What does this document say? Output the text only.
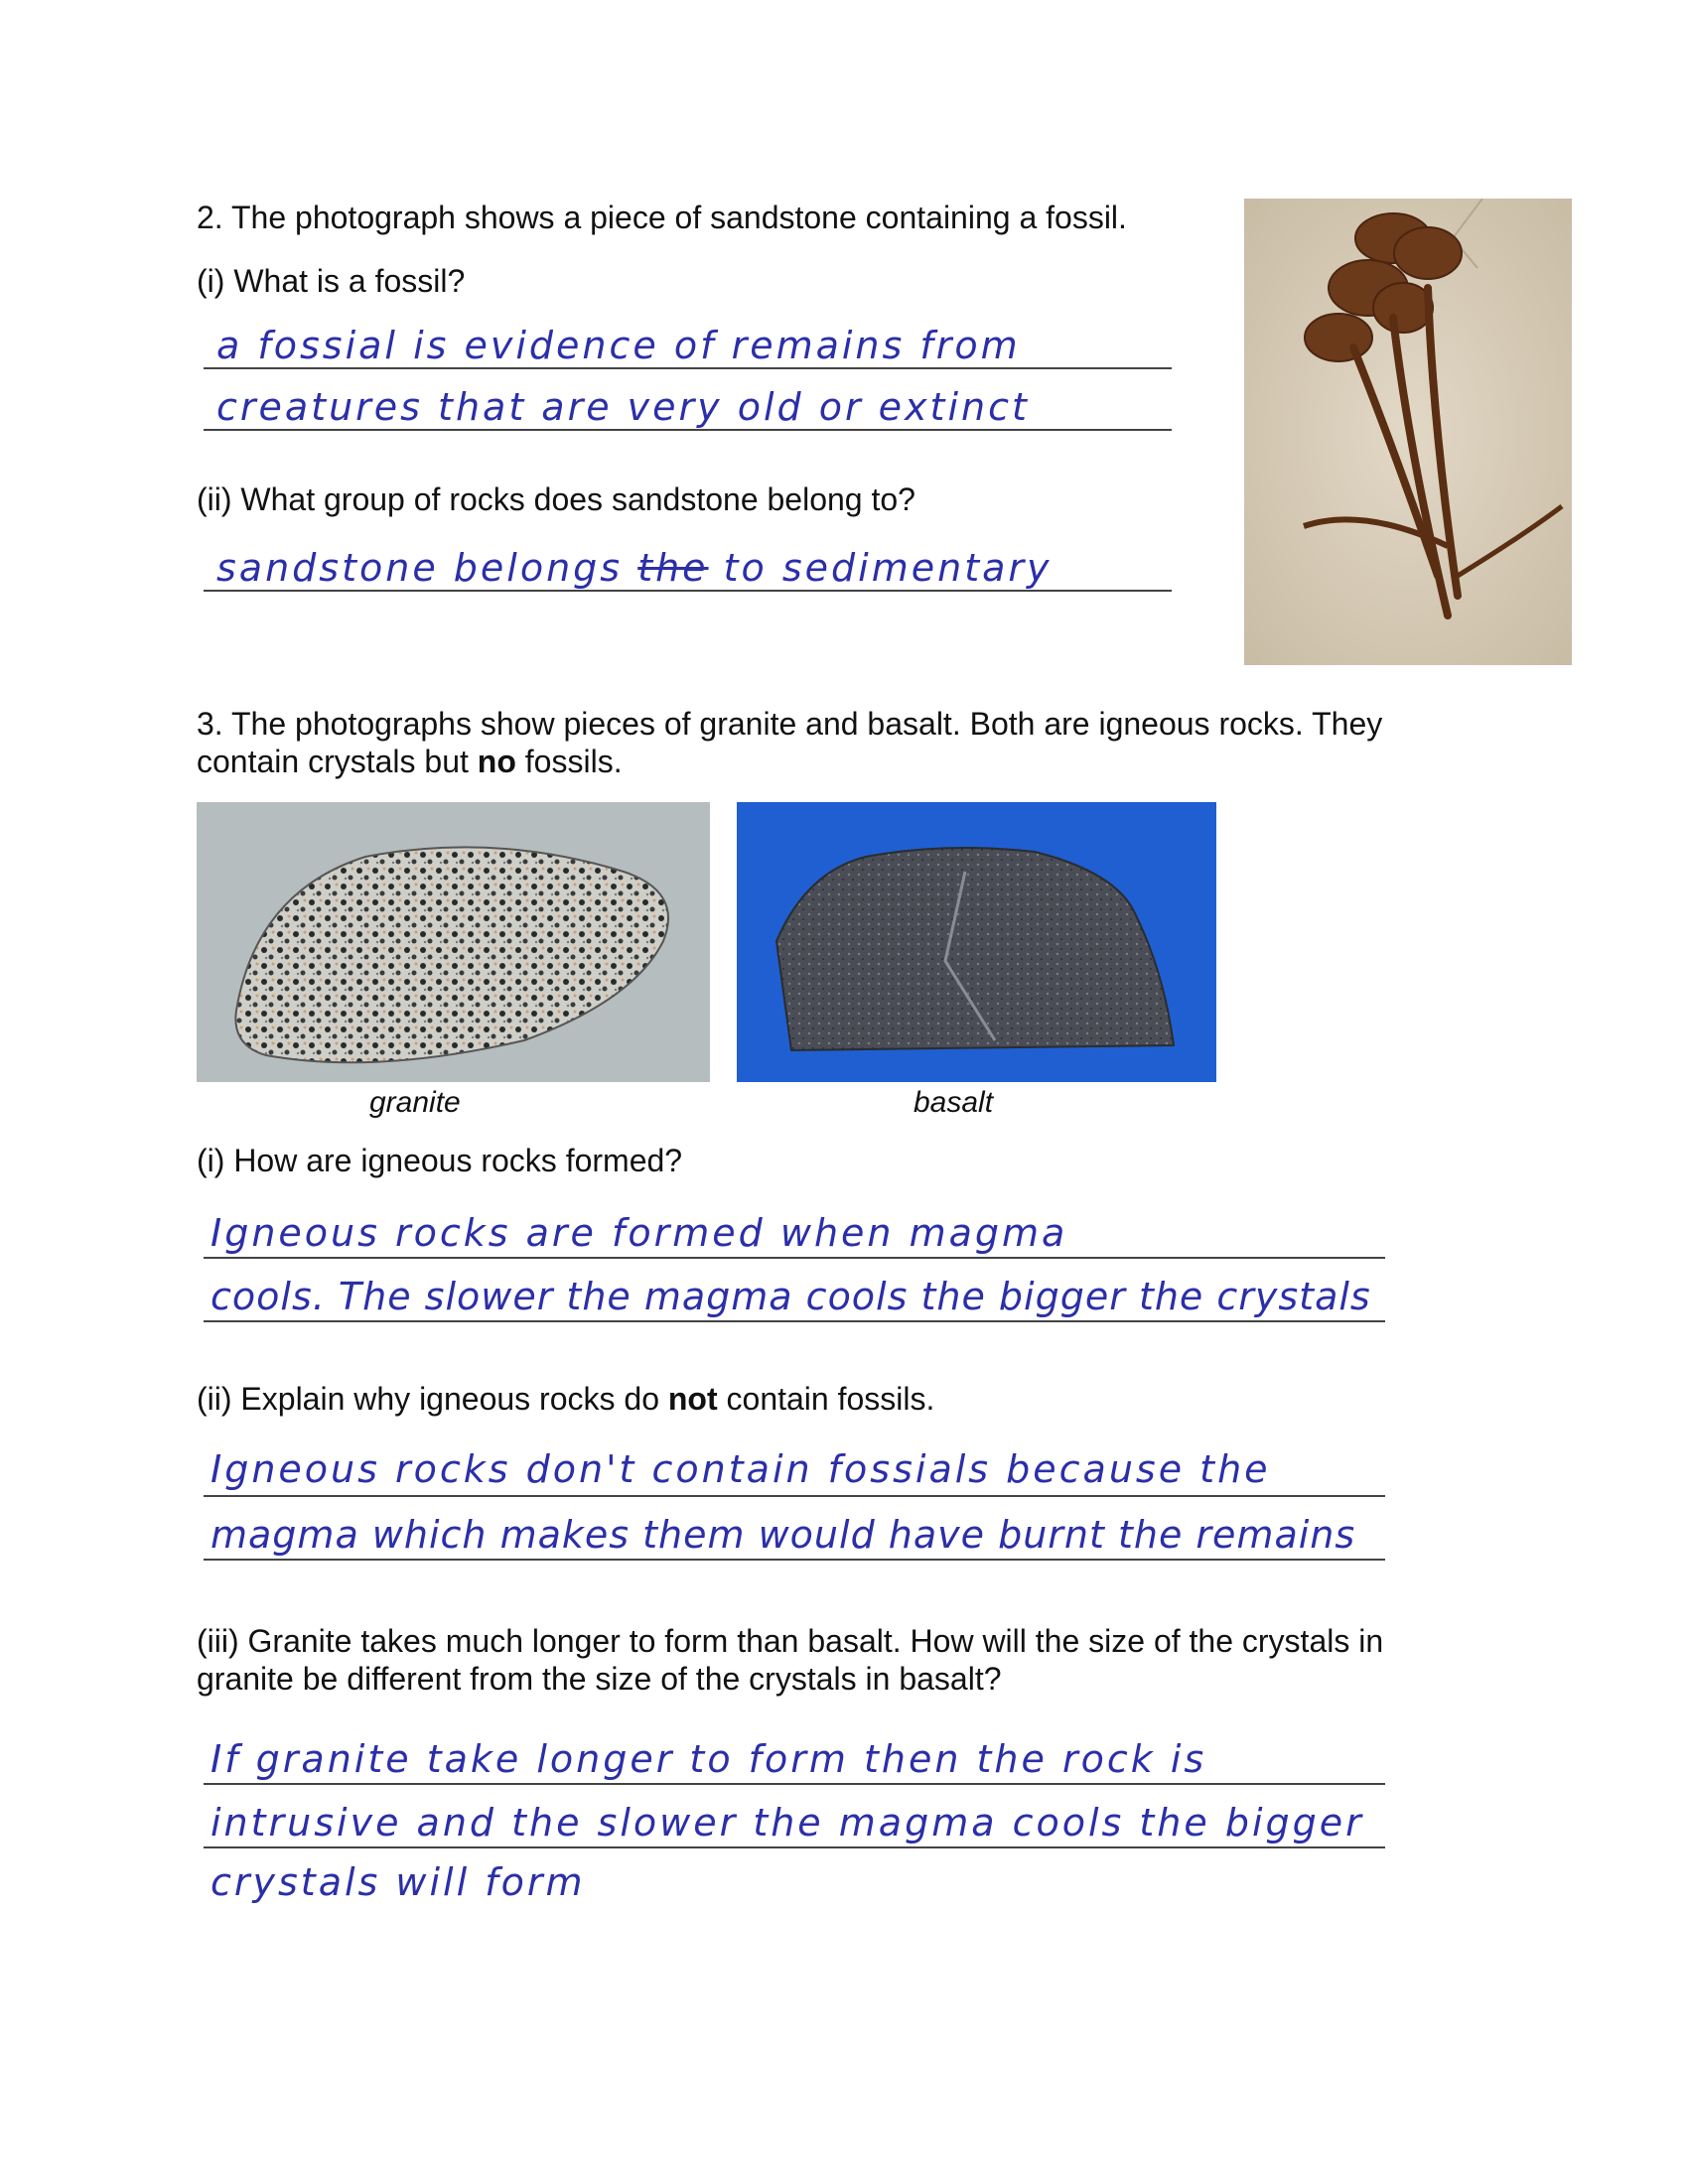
2. The photograph shows a piece of sandstone containing a fossil.
(i) What is a fossil?
a fossial is evidence of remains from
creatures that are very old or extinct
(ii) What group of rocks does sandstone belong to?
sandstone belongs the to sedimentary
3. The photographs show pieces of granite and basalt. Both are igneous rocks. They contain crystals but no fossils.
granite	basalt
(i) How are igneous rocks formed?
Igneous rocks are formed when magma
cools. The slower the magma cools the bigger the crystals
(ii) Explain why igneous rocks do not contain fossils.
Igneous rocks don't contain fossials because the
magma which makes them would have burnt the remains
(iii) Granite takes much longer to form than basalt. How will the size of the crystals in granite be different from the size of the crystals in basalt?
If granite take longer to form then the rock is
intrusive and the slower the magma cools the bigger
crystals will form
